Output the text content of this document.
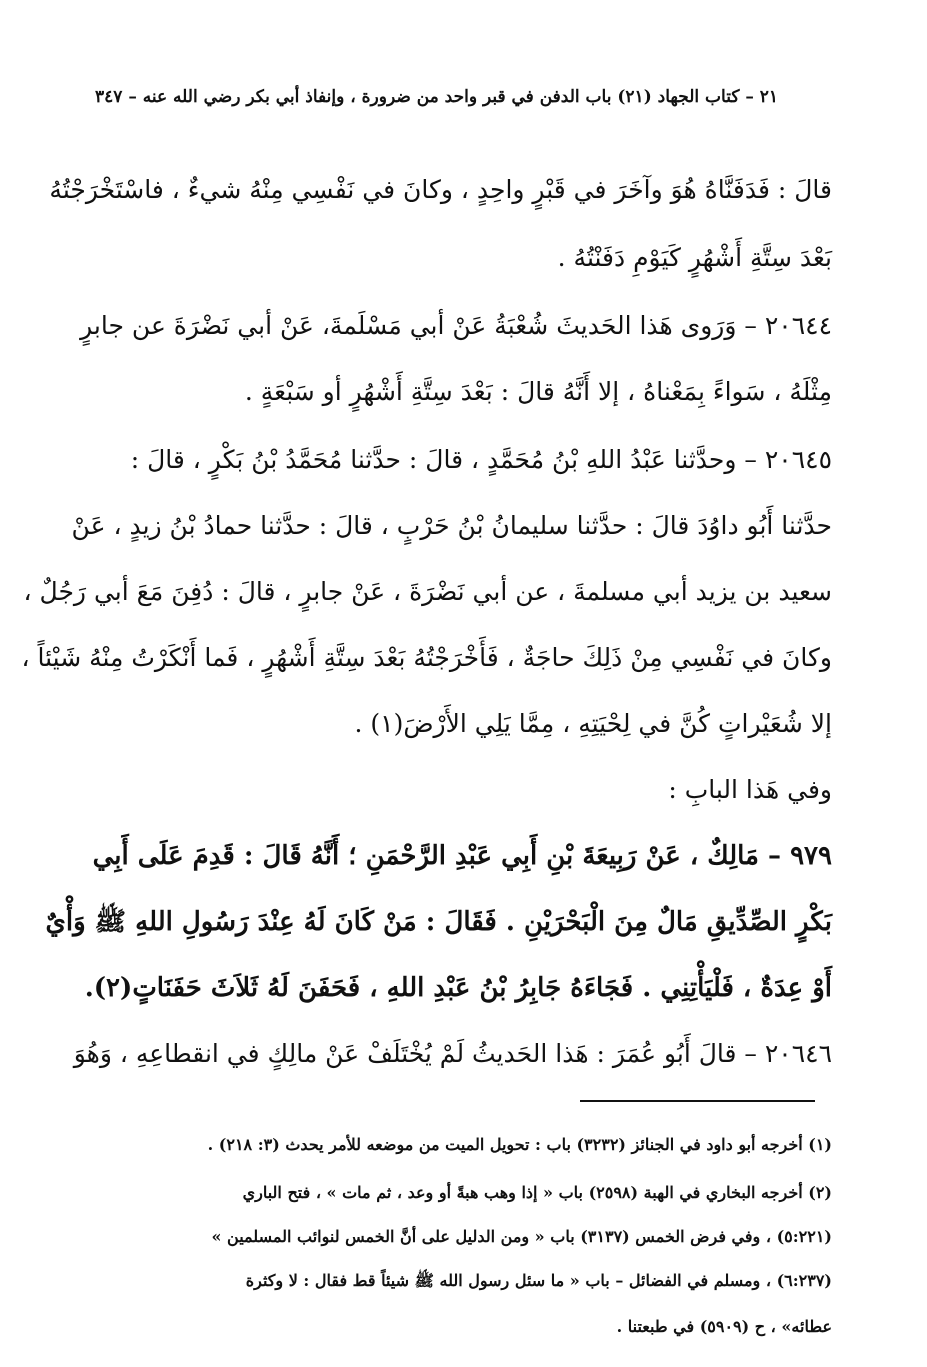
٢١ – كتاب الجهاد (٢١) باب الدفن في قبر واحد من ضرورة ، وإنفاذ أبي بكر رضي الله عنه – ٣٤٧
قالَ : فَدَفَنَّاهُ هُوَ وآخَرَ في قَبْرٍ واحِدٍ ، وكانَ في نَفْسِي مِنْهُ شيءٌ ، فاسْتَخْرَجْتُهُ
بَعْدَ سِتَّةِ أَشْهُرٍ كَيَوْمِ دَفَنْتُهُ .
٢٠٦٤٤ – وَرَوى هَذا الحَديثَ شُعْبَةُ عَنْ أبي مَسْلَمةَ، عَنْ أبي نَضْرَةَ عن جابرٍ
مِثْلَهُ ، سَواءً بِمَعْناهُ ، إلا أَنَّهُ قالَ : بَعْدَ سِتَّةِ أَشْهُرٍ أو سَبْعَةٍ .
٢٠٦٤٥ – وحدَّثنا عَبْدُ اللهِ بْنُ مُحَمَّدٍ ، قالَ : حدَّثنا مُحَمَّدُ بْنُ بَكْرٍ ، قالَ :
حدَّثنا أَبُو داوُدَ قالَ : حدَّثنا سليمانُ بْنُ حَرْبٍ ، قالَ : حدَّثنا حمادُ بْنُ زيدٍ ، عَنْ
سعيد بن يزيد أبي مسلمةَ ، عن أبي نَضْرَةَ ، عَنْ جابرٍ ، قالَ : دُفِنَ مَعَ أبي رَجُلٌ ،
وكانَ في نَفْسِي مِنْ ذَلِكَ حاجَةٌ ، فَأَخْرَجْتُهُ بَعْدَ سِتَّةِ أَشْهُرٍ ، فَما أَنْكَرْتُ مِنْهُ شَيْئاً ،
إلا شُعَيْراتٍ كُنَّ في لِحْيَتِهِ ، مِمَّا يَلِي الأَرْضَ(١) .
وفي هَذا البابِ :
٩٧٩ – مَالِكٌ ، عَنْ رَبِيعَةَ بْنِ أَبِي عَبْدِ الرَّحْمَنِ ؛ أَنَّهُ قَالَ : قَدِمَ عَلَى أَبِي
بَكْرٍ الصِّدِّيقِ مَالٌ مِنَ الْبَحْرَيْنِ . فَقَالَ : مَنْ كَانَ لَهُ عِنْدَ رَسُولِ اللهِ ﷺ وَأْيٌ
أَوْ عِدَةٌ ، فَلْيَأْتِنِي . فَجَاءَهُ جَابِرُ بْنُ عَبْدِ اللهِ ، فَحَفَنَ لَهُ ثَلاَثَ حَفَنَاتٍ(٢).
٢٠٦٤٦ – قالَ أَبُو عُمَرَ : هَذا الحَديثُ لَمْ يُخْتَلَفْ عَنْ مالِكٍ في انقطاعِهِ ، وَهُوَ
(١) أخرجه أبو داود في الجنائز (٣٢٣٢) باب : تحويل الميت من موضعه للأمر يحدث (٣: ٢١٨) .
(٢) أخرجه البخاري في الهبة (٢٥٩٨) باب « إذا وهب هبةً أو وعد ، ثم مات » ، فتح الباري
(٥:٢٢١) ، وفي فرض الخمس (٣١٣٧) باب « ومن الدليل على أنَّ الخمس لنوائب المسلمين »
(٦:٢٣٧) ، ومسلم في الفضائل – باب « ما سئل رسول الله ﷺ شيئاً قط فقال : لا وكثرة
عطائه» ، ح (٥٩٠٩) في طبعتنا .
